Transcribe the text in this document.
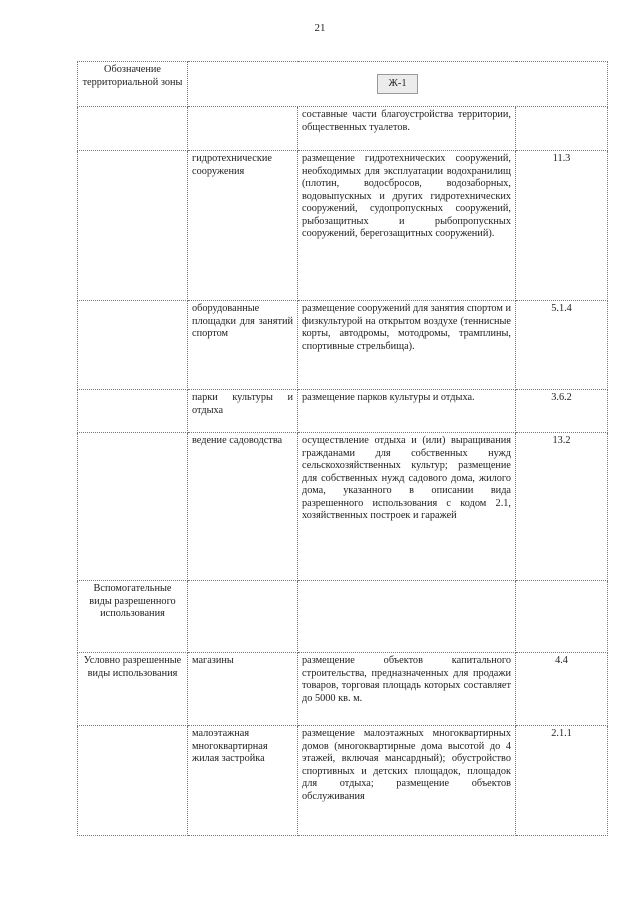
21
Обозначение территориальной зоны	Ж-1		
		составные части благоустройства территории, общественных туалетов.	
	гидротехнические сооружения	размещение гидротехнических сооружений, необходимых для эксплуатации водохранилищ (плотин, водосбросов, водозаборных, водовыпускных и других гидротехнических сооружений, судопропускных сооружений, рыбозащитных и рыбопропускных сооружений, берегозащитных сооружений).	11.3
	оборудованные площадки для занятий спортом	размещение сооружений для занятия спортом и физкультурой на открытом воздухе (теннисные корты, автодромы, мотодромы, трамплины, спортивные стрельбища).	5.1.4
	парки культуры и отдыха	размещение парков культуры и отдыха.	3.6.2
	ведение садоводства	осуществление отдыха и (или) выращивания гражданами для собственных нужд сельскохозяйственных культур; размещение для собственных нужд садового дома, жилого дома, указанного в описании вида разрешенного использования с кодом 2.1, хозяйственных построек и гаражей	13.2
Вспомогательные виды разрешенного использования			
Условно разрешенные виды использования	магазины	размещение объектов капитального строительства, предназначенных для продажи товаров, торговая площадь которых составляет до 5000 кв. м.	4.4
	малоэтажная многоквартирная жилая застройка	размещение малоэтажных многоквартирных домов (многоквартирные дома высотой до 4 этажей, включая мансардный); обустройство спортивных и детских площадок, площадок для отдыха; размещение объектов обслуживания	2.1.1
